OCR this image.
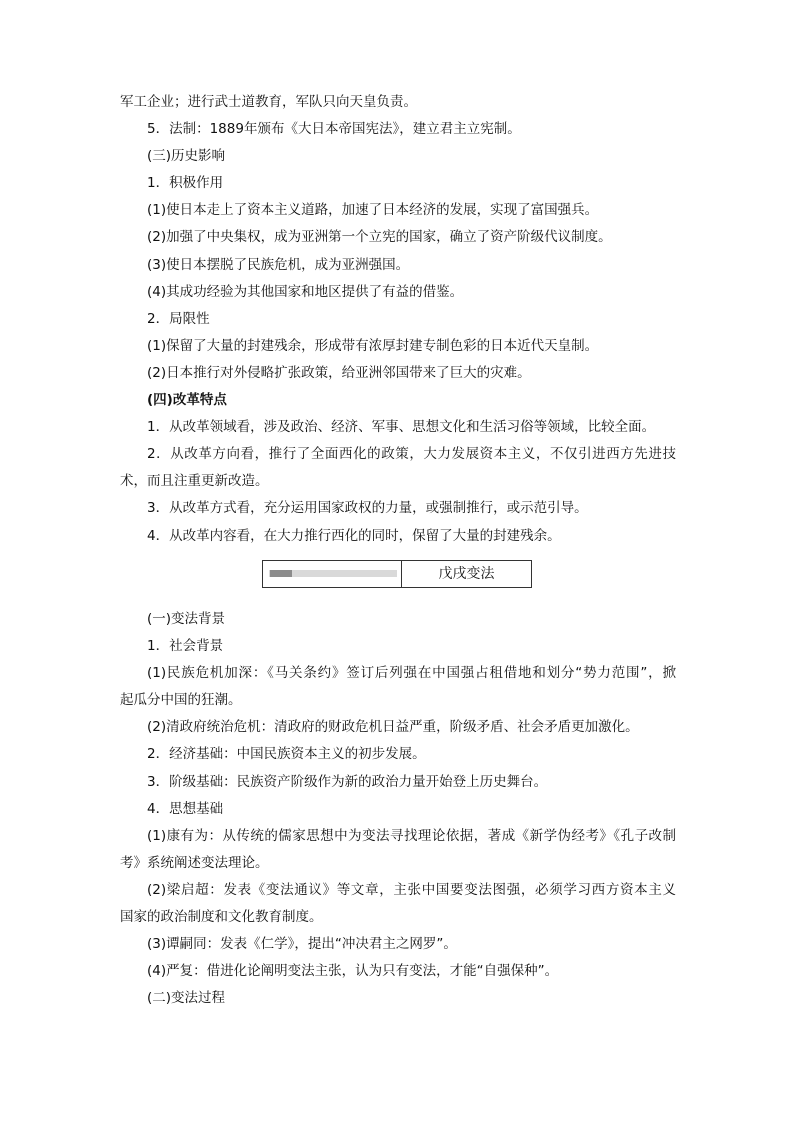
军工企业；进行武士道教育，军队只向天皇负责。
5．法制：1889年颁布《大日本帝国宪法》，建立君主立宪制。
(三)历史影响
1．积极作用
(1)使日本走上了资本主义道路，加速了日本经济的发展，实现了富国强兵。
(2)加强了中央集权，成为亚洲第一个立宪的国家，确立了资产阶级代议制度。
(3)使日本摆脱了民族危机，成为亚洲强国。
(4)其成功经验为其他国家和地区提供了有益的借鉴。
2．局限性
(1)保留了大量的封建残余，形成带有浓厚封建专制色彩的日本近代天皇制。
(2)日本推行对外侵略扩张政策，给亚洲邻国带来了巨大的灾难。
(四)改革特点
1．从改革领域看，涉及政治、经济、军事、思想文化和生活习俗等领域，比较全面。
2．从改革方向看，推行了全面西化的政策，大力发展资本主义，不仅引进西方先进技
术，而且注重更新改造。
3．从改革方式看，充分运用国家政权的力量，或强制推行，或示范引导。
4．从改革内容看，在大力推行西化的同时，保留了大量的封建残余。
戊戌变法
(一)变法背景
1．社会背景
(1)民族危机加深：《马关条约》签订后列强在中国强占租借地和划分“势力范围”，掀
起瓜分中国的狂潮。
(2)清政府统治危机：清政府的财政危机日益严重，阶级矛盾、社会矛盾更加激化。
2．经济基础：中国民族资本主义的初步发展。
3．阶级基础：民族资产阶级作为新的政治力量开始登上历史舞台。
4．思想基础
(1)康有为：从传统的儒家思想中为变法寻找理论依据，著成《新学伪经考》《孔子改制
考》系统阐述变法理论。
(2)梁启超：发表《变法通议》等文章，主张中国要变法图强，必须学习西方资本主义
国家的政治制度和文化教育制度。
(3)谭嗣同：发表《仁学》，提出“冲决君主之网罗”。
(4)严复：借进化论阐明变法主张，认为只有变法，才能“自强保种”。
(二)变法过程
